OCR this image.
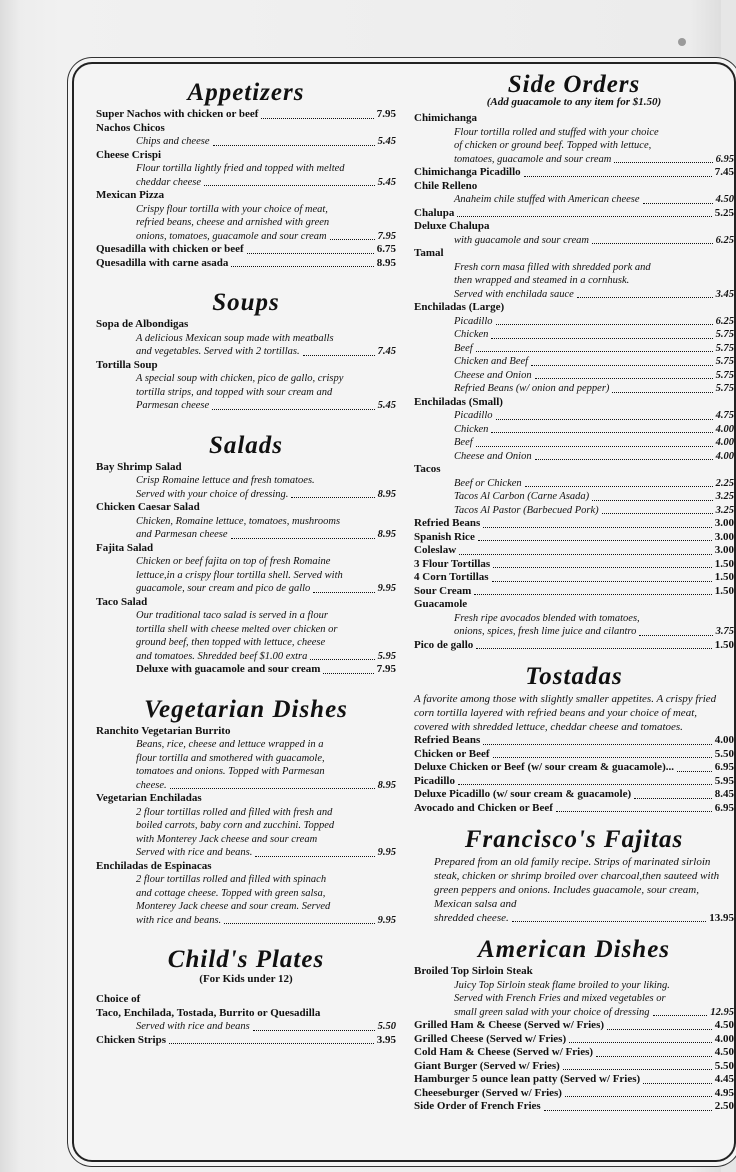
Appetizers
Super Nachos with chicken or beef	7.95
Nachos Chicos
Chips and cheese	5.45
Cheese Crispi
Flour tortilla lightly fried and topped with melted
cheddar cheese	5.45
Mexican Pizza
Crispy flour tortilla with your choice of meat,
refried beans, cheese and arnished with green
onions, tomatoes, guacamole and sour cream	7.95
Quesadilla with chicken or beef	6.75
Quesadilla with carne asada	8.95
Soups
Sopa de Albondigas
A delicious Mexican soup made with meatballs
and vegetables. Served with 2 tortillas.	7.45
Tortilla Soup
A special soup with chicken, pico de gallo, crispy
tortilla strips, and topped with sour cream and
Parmesan cheese	5.45
Salads
Bay Shrimp Salad
Crisp Romaine lettuce and fresh tomatoes.
Served with your choice of dressing.	8.95
Chicken Caesar Salad
Chicken, Romaine lettuce, tomatoes, mushrooms
and Parmesan cheese	8.95
Fajita Salad
Chicken or beef fajita on top of fresh Romaine
lettuce,in a crispy flour tortilla shell. Served with
guacamole, sour cream and pico de gallo	9.95
Taco Salad
Our traditional taco salad is served in a flour
tortilla shell with cheese melted over chicken or
ground beef, then topped with lettuce, cheese
and tomatoes. Shredded beef $1.00 extra	5.95
Deluxe with guacamole and sour cream	7.95
Vegetarian Dishes
Ranchito Vegetarian Burrito
Beans, rice, cheese and lettuce wrapped in a
flour tortilla and smothered with guacamole,
tomatoes and onions. Topped with Parmesan
cheese.	8.95
Vegetarian Enchiladas
2 flour tortillas rolled and filled with fresh and
boiled carrots, baby corn and zucchini. Topped
with Monterey Jack cheese and sour cream
Served with rice and beans.	9.95
Enchiladas de Espinacas
2 flour tortillas rolled and filled with spinach
and cottage cheese. Topped with green salsa,
Monterey Jack cheese and sour cream. Served
with rice and beans.	9.95
Child's Plates
(For Kids under 12)
Choice of
Taco, Enchilada, Tostada, Burrito or Quesadilla
Served with rice and beans	5.50
Chicken Strips	3.95
Side Orders
(Add guacamole to any item for $1.50)
Chimichanga
Flour tortilla rolled and stuffed with your choice
of chicken or ground beef. Topped with lettuce,
tomatoes, guacamole and sour cream	6.95
Chimichanga Picadillo	7.45
Chile Relleno
Anaheim chile stuffed with American cheese	4.50
Chalupa	5.25
Deluxe Chalupa
with guacamole and sour cream	6.25
Tamal
Fresh corn masa filled with shredded pork and
then wrapped and steamed in a cornhusk.
Served with enchilada sauce	3.45
Enchiladas (Large)
Picadillo	6.25
Chicken	5.75
Beef	5.75
Chicken and Beef	5.75
Cheese and Onion	5.75
Refried Beans (w/ onion and pepper)	5.75
Enchiladas (Small)
Picadillo	4.75
Chicken	4.00
Beef	4.00
Cheese and Onion	4.00
Tacos
Beef or Chicken	2.25
Tacos Al Carbon (Carne Asada)	3.25
Tacos Al Pastor (Barbecued Pork)	3.25
Refried Beans	3.00
Spanish Rice	3.00
Coleslaw	3.00
3 Flour Tortillas	1.50
4 Corn Tortillas	1.50
Sour Cream	1.50
Guacamole
Fresh ripe avocados blended with tomatoes,
onions, spices, fresh lime juice and cilantro	3.75
Pico de gallo	1.50
Tostadas
A favorite among those with slightly smaller appetites. A crispy fried corn tortilla layered with refried beans and your choice of meat, covered with shredded lettuce, cheddar cheese and tomatoes.
Refried Beans	4.00
Chicken or Beef	5.50
Deluxe Chicken or Beef (w/ sour cream & guacamole)...	6.95
Picadillo	5.95
Deluxe Picadillo (w/ sour cream & guacamole)	8.45
Avocado and Chicken or Beef	6.95
Francisco's Fajitas
Prepared from an old family recipe. Strips of marinated sirloin steak, chicken or shrimp broiled over charcoal,then sauteed with green peppers and onions. Includes guacamole, sour cream, Mexican salsa and
shredded cheese.	13.95
American Dishes
Broiled Top Sirloin Steak
Juicy Top Sirloin steak flame broiled to your liking.
Served with French Fries and mixed vegetables or
small green salad with your choice of dressing	12.95
Grilled Ham & Cheese (Served w/ Fries)	4.50
Grilled Cheese (Served w/ Fries)	4.00
Cold Ham & Cheese (Served w/ Fries)	4.50
Giant Burger (Served w/ Fries)	5.50
Hamburger 5 ounce lean patty (Served w/ Fries)	4.45
Cheeseburger (Served w/ Fries)	4.95
Side Order of French Fries	2.50
